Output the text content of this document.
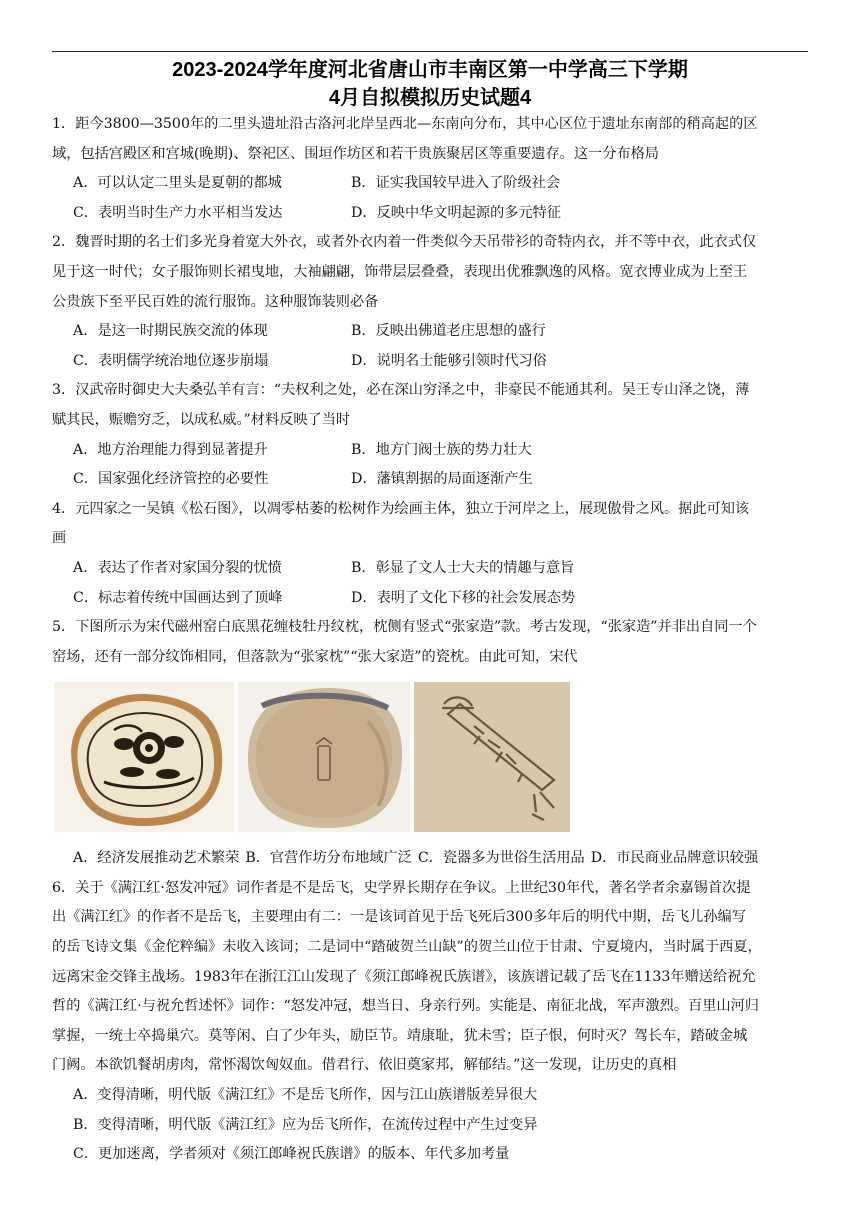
2023-2024学年度河北省唐山市丰南区第一中学高三下学期
4月自拟模拟历史试题4

1．距今3800—3500年的二里头遗址沿古洛河北岸呈西北—东南向分布，其中心区位于遗址东南部的稍高起的区

域，包括宫殿区和宫城(晚期)、祭祀区、围垣作坊区和若干贵族聚居区等重要遗存。这一分布格局

A．可以认定二里头是夏朝的都城	B．证实我国较早进入了阶级社会
C．表明当时生产力水平相当发达	D．反映中华文明起源的多元特征

2．魏晋时期的名士们多光身着宽大外衣，或者外衣内着一件类似今天吊带衫的奇特内衣，并不等中衣，此衣式仅

见于这一时代；女子服饰则长裙曳地，大袖翩翩，饰带层层叠叠，表现出优雅飘逸的风格。宽衣博业成为上至王

公贵族下至平民百姓的流行服饰。这种服饰装则必备

A．是这一时期民族交流的体现	B．反映出佛道老庄思想的盛行
C．表明儒学统治地位逐步崩塌	D．说明名士能够引领时代习俗

3．汉武帝时御史大夫桑弘羊有言：“夫权利之处，必在深山穷泽之中，非豪民不能通其利。吴王专山泽之饶，薄

赋其民，赈赡穷乏，以成私威。”材料反映了当时

A．地方治理能力得到显著提升	B．地方门阀士族的势力壮大
C．国家强化经济管控的必要性	D．藩镇割据的局面逐渐产生

4．元四家之一吴镇《松石图》，以凋零枯萎的松树作为绘画主体，独立于河岸之上，展现傲骨之风。据此可知该

画

A．表达了作者对家国分裂的忧愤	B．彰显了文人士大夫的情趣与意旨
C．标志着传统中国画达到了顶峰	D．表明了文化下移的社会发展态势

5．下图所示为宋代磁州窑白底黑花缠枝牡丹纹枕，枕侧有竖式“张家造”款。考古发现，“张家造”并非出自同一个

窑场，还有一部分纹饰相同，但落款为“张家枕”“张大家造”的瓷枕。由此可知，宋代

A．经济发展推动艺术繁荣 B．官营作坊分布地域广泛 C．瓷器多为世俗生活用品 D．市民商业品牌意识较强

6．关于《满江红·怒发冲冠》词作者是不是岳飞，史学界长期存在争议。上世纪30年代，著名学者余嘉锡首次提

出《满江红》的作者不是岳飞，主要理由有二：一是该词首见于岳飞死后300多年后的明代中期，岳飞儿孙编写

的岳飞诗文集《金佗粹编》未收入该词；二是词中“踏破贺兰山缺”的贺兰山位于甘肃、宁夏境内，当时属于西夏，

远离宋金交锋主战场。1983年在浙江江山发现了《须江郎峰祝氏族谱》，该族谱记载了岳飞在1133年赠送给祝允

哲的《满江红·与祝允哲述怀》词作：“怒发冲冠，想当日、身亲行列。实能是、南征北战，军声激烈。百里山河归

掌握，一统士卒捣巢穴。莫等闲、白了少年头，励臣节。靖康耻，犹未雪；臣子恨，何时灭？驾长车，踏破金城

门阙。本欲饥餐胡虏肉，常怀渴饮匈奴血。借君行、依旧奠家邦，解郁结。”这一发现，让历史的真相

A．变得清晰，明代版《满江红》不是岳飞所作，因与江山族谱版差异很大

B．变得清晰，明代版《满江红》应为岳飞所作，在流传过程中产生过变异

C．更加迷离，学者须对《须江郎峰祝氏族谱》的版本、年代多加考量
